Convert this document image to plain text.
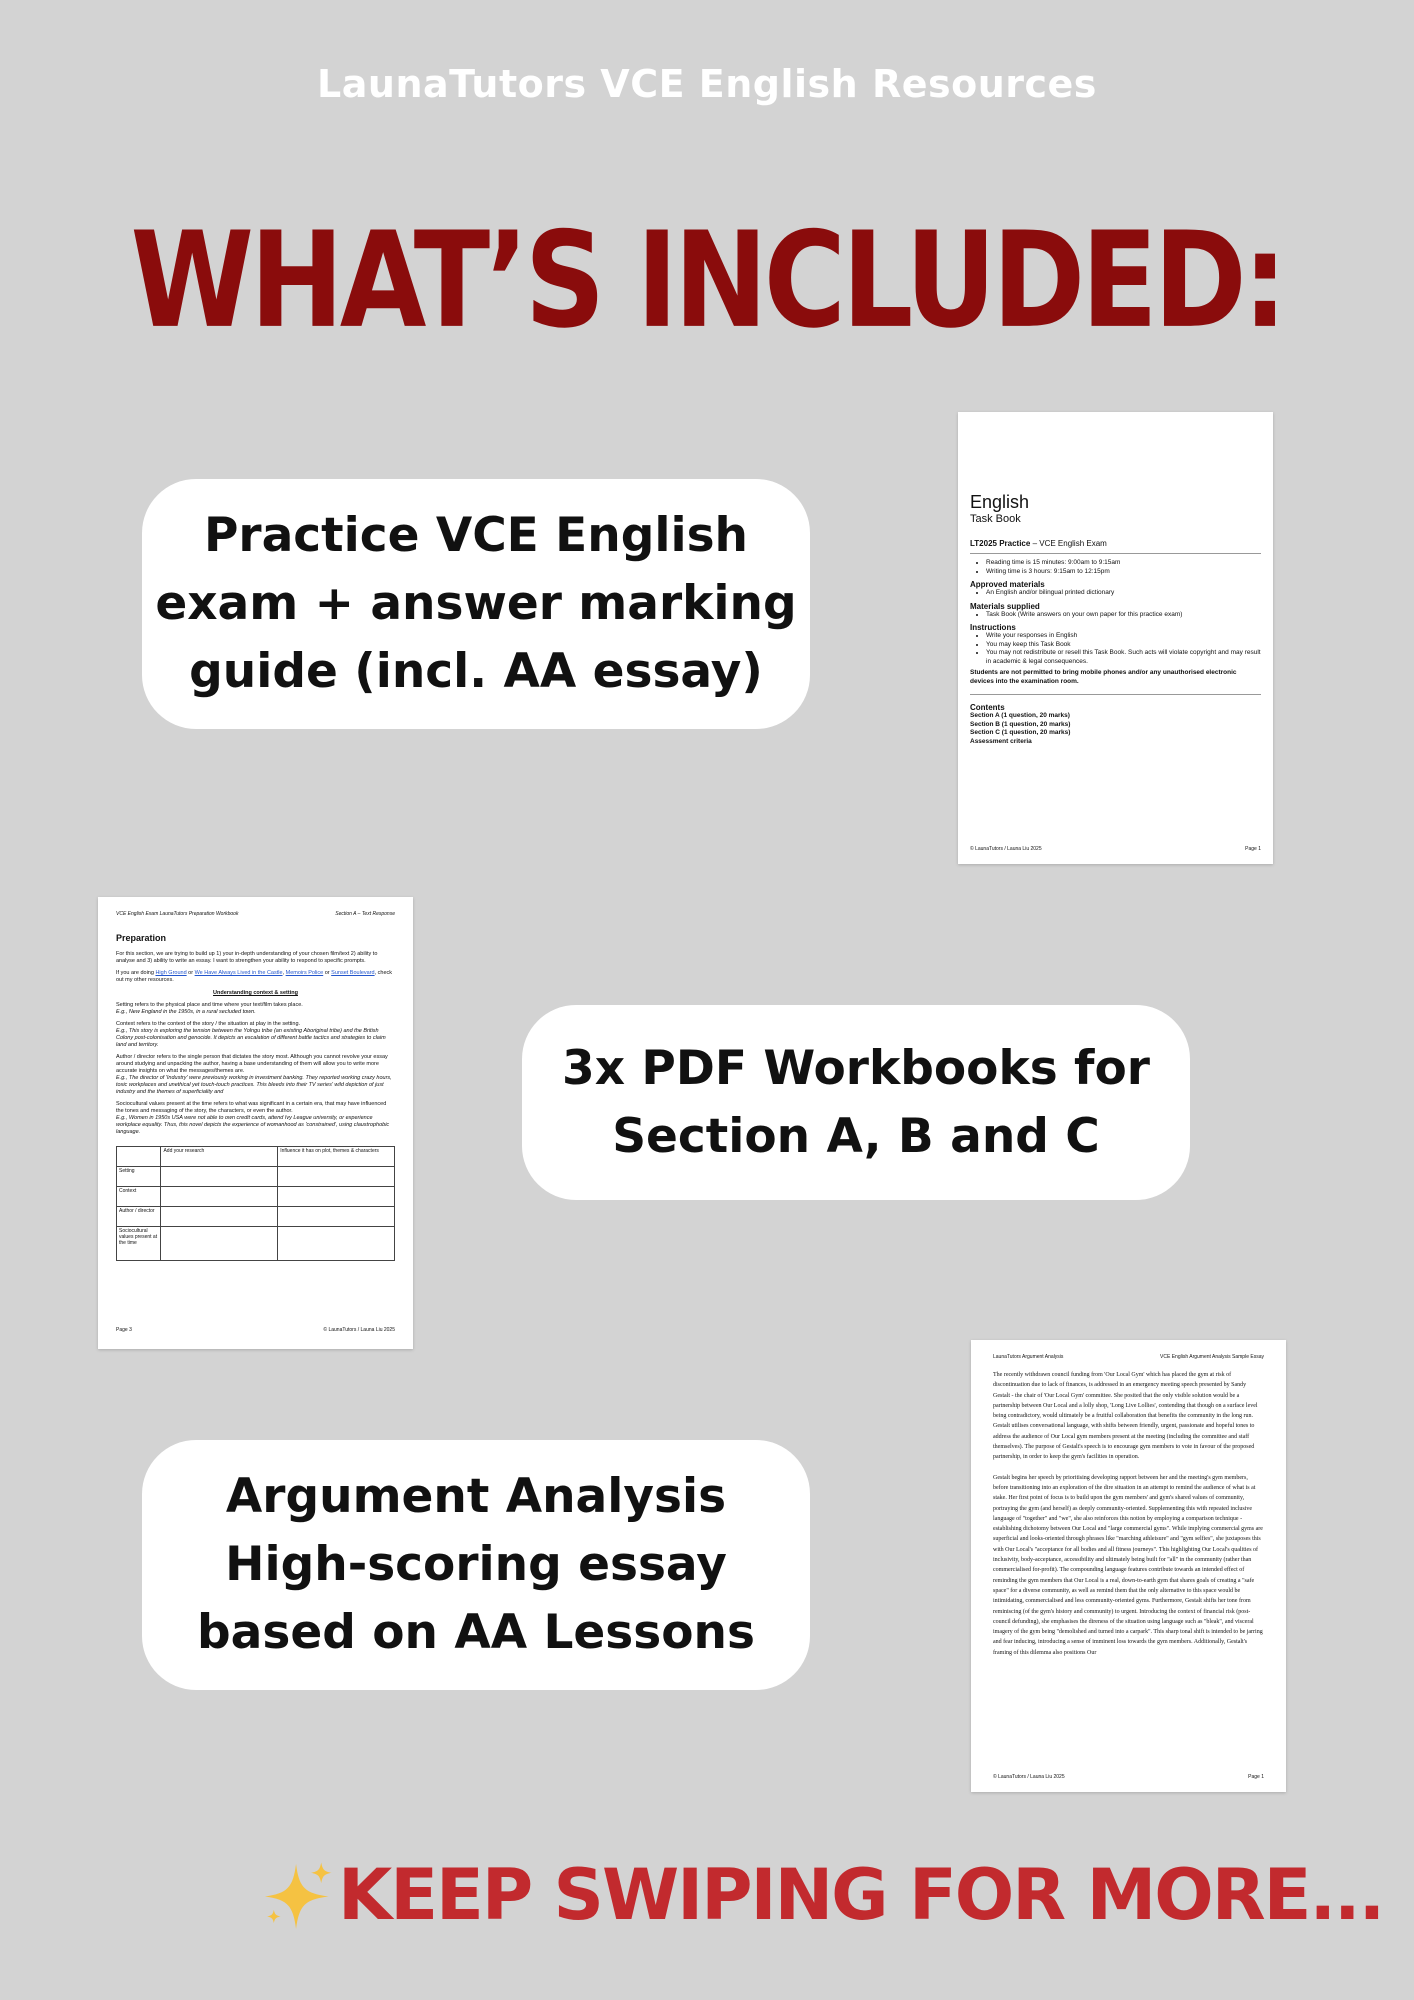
LaunaTutors VCE English Resources
WHAT’S INCLUDED:
English
Task Book
LT2025 Practice – VCE English Exam
• Reading time is 15 minutes: 9:00am to 9:15am
• Writing time is 3 hours: 9:15am to 12:15pm
Approved materials
• An English and/or bilingual printed dictionary
Materials supplied
• Task Book (Write answers on your own paper for this practice exam)
Instructions
• Write your responses in English
• You may keep this Task Book
• You may not redistribute or resell this Task Book. Such acts will violate copyright and may result in academic & legal consequences.
Students are not permitted to bring mobile phones and/or any unauthorised electronic devices into the examination room.
Contents
Section A (1 question, 20 marks)
Section B (1 question, 20 marks)
Section C (1 question, 20 marks)
Assessment criteria
© LaunaTutors / Launa Liu 2025	Page 1
VCE English Exam LaunaTutors Preparation Workbook	Section A – Text Response
Preparation
For this section, we are trying to build up 1) your in-depth understanding of your chosen film/text 2) ability to analyse and 3) ability to write an essay. I want to strengthen your ability to respond to specific prompts.
If you are doing High Ground or We Have Always Lived in the Castle, Memoirs Police or Sunset Boulevard, check out my other resources.
Understanding context & setting
Setting refers to the physical place and time where your text/film takes place.
E.g., New England in the 1950s, in a rural secluded town.
Context refers to the context of the story / the situation at play in the setting.
E.g., This story is exploring the tension between the Yolngu tribe (an existing Aboriginal tribe) and the British Colony post-colonisation and genocide. It depicts an escalation of different battle tactics and strategies to claim land and territory.
Author / director refers to the single person that dictates the story most. Although you cannot revolve your essay around studying and unpacking the author, having a base understanding of them will allow you to write more accurate insights on what the messages/themes are.
E.g., The director of 'Industry' were previously working in investment banking. They reported working crazy hours, toxic workplaces and unethical yet touch-touch practices. This bleeds into their TV series' wild depiction of just industry and the themes of superficiality and
Sociocultural values present at the time refers to what was significant in a certain era, that may have influenced the tones and messaging of the story, the characters, or even the author.
E.g., Women in 1950s USA were not able to own credit cards, attend Ivy League university, or experience workplace equality. Thus, this novel depicts the experience of womanhood as 'constrained', using claustrophobic language.
	Add your research	Influence it has on plot, themes & characters
Setting		
Context		
Author / director		
Sociocultural values present at the time		
Page 3	© LaunaTutors / Launa Liu 2025
LaunaTutors Argument Analysis	VCE English Argument Analysis Sample Essay
The recently withdrawn council funding from 'Our Local Gym' which has placed the gym at risk of discontinuation due to lack of finances, is addressed in an emergency meeting speech presented by Sandy Gestalt - the chair of 'Our Local Gym' committee. She posited that the only visible solution would be a partnership between Our Local and a lolly shop, 'Long Live Lollies', contending that though on a surface level being contradictory, would ultimately be a fruitful collaboration that benefits the community in the long run. Gestalt utilises conversational language, with shifts between friendly, urgent, passionate and hopeful tones to address the audience of Our Local gym members present at the meeting (including the committee and staff themselves). The purpose of Gestalt's speech is to encourage gym members to vote in favour of the proposed partnership, in order to keep the gym's facilities in operation.
Gestalt begins her speech by prioritising developing rapport between her and the meeting's gym members, before transitioning into an exploration of the dire situation in an attempt to remind the audience of what is at stake. Her first point of focus is to build upon the gym members' and gym's shared values of community, portraying the gym (and herself) as deeply community-oriented. Supplementing this with repeated inclusive language of "together" and "we", she also reinforces this notion by employing a comparison technique - establishing dichotomy between Our Local and "large commercial gyms". While implying commercial gyms are superficial and looks-oriented through phrases like "marching athleisure" and "gym selfies", she juxtaposes this with Our Local's "acceptance for all bodies and all fitness journeys". This highlighting Our Local's qualities of inclusivity, body-acceptance, accessibility and ultimately being built for "all" in the community (rather than commercialised for-profit). The compounding language features contribute towards an intended effect of reminding the gym members that Our Local is a real, down-to-earth gym that shares goals of creating a "safe space" for a diverse community, as well as remind them that the only alternative to this space would be intimidating, commercialised and less community-oriented gyms. Furthermore, Gestalt shifts her tone from reminiscing (of the gym's history and community) to urgent. Introducing the context of financial risk (post-council defunding), she emphasises the direness of the situation using language such as "bleak", and visceral imagery of the gym being "demolished and turned into a carpark". This sharp tonal shift is intended to be jarring and fear inducing, introducing a sense of imminent loss towards the gym members. Additionally, Gestalt's framing of this dilemma also positions Our
© LaunaTutors / Launa Liu 2025	Page 1
Practice VCE English
exam + answer marking
guide (incl. AA essay)
3x PDF Workbooks for
Section A, B and C
Argument Analysis
High-scoring essay
based on AA Lessons
KEEP SWIPING FOR MORE...
